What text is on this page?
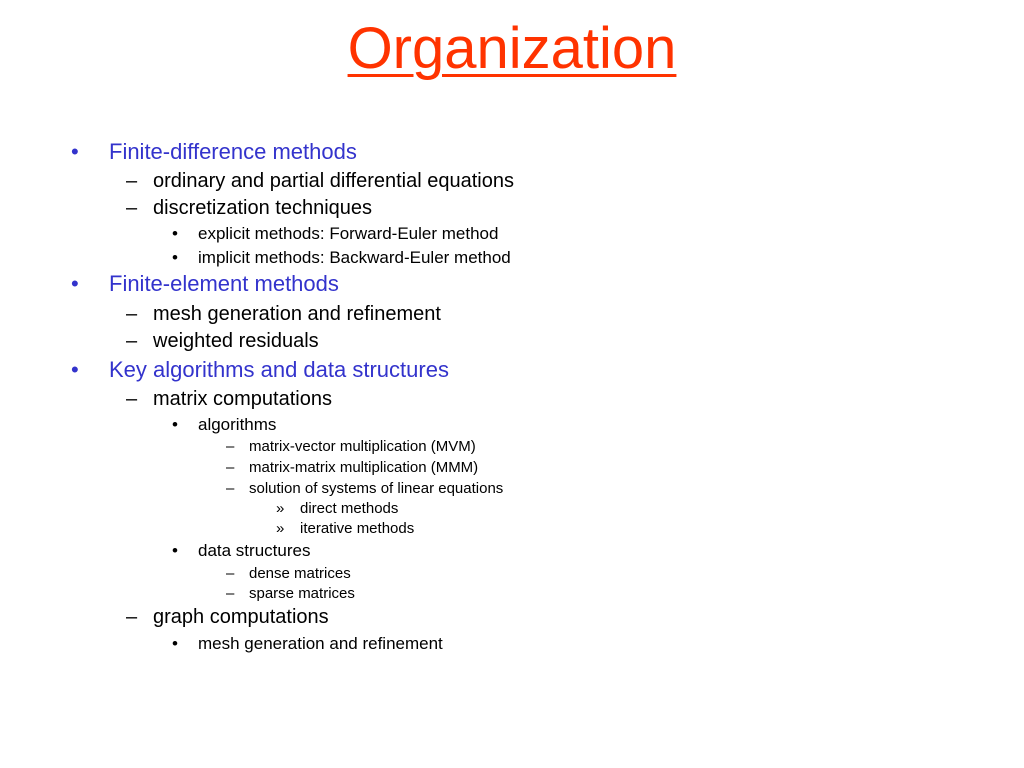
Organization
• Finite-difference methods
– ordinary and partial differential equations
– discretization techniques
• explicit methods: Forward-Euler method
• implicit methods: Backward-Euler method
• Finite-element methods
– mesh generation and refinement
– weighted residuals
• Key algorithms and data structures
– matrix computations
• algorithms
– matrix-vector multiplication (MVM)
– matrix-matrix multiplication (MMM)
– solution of systems of linear equations
» direct methods
» iterative methods
• data structures
– dense matrices
– sparse matrices
– graph computations
• mesh generation and refinement
